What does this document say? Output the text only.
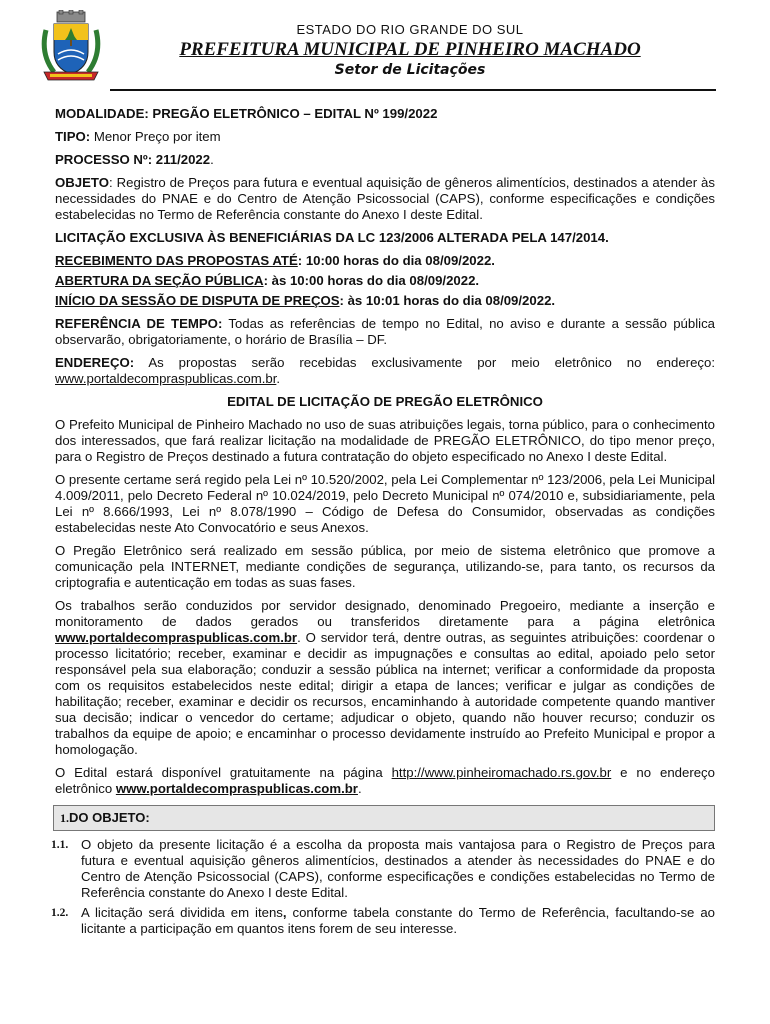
ESTADO DO RIO GRANDE DO SUL
PREFEITURA MUNICIPAL DE PINHEIRO MACHADO
Setor de Licitações

MODALIDADE: PREGÃO ELETRÔNICO – EDITAL Nº 199/2022

TIPO: Menor Preço por item

PROCESSO Nº: 211/2022.

OBJETO: Registro de Preços para futura e eventual aquisição de gêneros alimentícios, destinados a atender às necessidades do PNAE e do Centro de Atenção Psicossocial (CAPS), conforme especificações e condições estabelecidas no Termo de Referência constante do Anexo I deste Edital.

LICITAÇÃO EXCLUSIVA ÀS BENEFICIÁRIAS DA LC 123/2006 ALTERADA PELA 147/2014.

RECEBIMENTO DAS PROPOSTAS ATÉ: 10:00 horas do dia 08/09/2022.

ABERTURA DA SEÇÃO PÚBLICA: às 10:00 horas do dia 08/09/2022.

INÍCIO DA SESSÃO DE DISPUTA DE PREÇOS: às 10:01 horas do dia 08/09/2022.

REFERÊNCIA DE TEMPO: Todas as referências de tempo no Edital, no aviso e durante a sessão pública observarão, obrigatoriamente, o horário de Brasília – DF.

ENDEREÇO: As propostas serão recebidas exclusivamente por meio eletrônico no endereço: www.portaldecompraspublicas.com.br.

EDITAL DE LICITAÇÃO DE PREGÃO ELETRÔNICO

O Prefeito Municipal de Pinheiro Machado no uso de suas atribuições legais, torna público, para o conhecimento dos interessados, que fará realizar licitação na modalidade de PREGÃO ELETRÔNICO, do tipo menor preço, para o Registro de Preços destinado a futura contratação do objeto especificado no Anexo I deste Edital.

O presente certame será regido pela Lei nº 10.520/2002, pela Lei Complementar nº 123/2006, pela Lei Municipal 4.009/2011, pelo Decreto Federal nº 10.024/2019, pelo Decreto Municipal nº 074/2010 e, subsidiariamente, pela Lei nº 8.666/1993, Lei nº 8.078/1990 – Código de Defesa do Consumidor, observadas as condições estabelecidas neste Ato Convocatório e seus Anexos.

O Pregão Eletrônico será realizado em sessão pública, por meio de sistema eletrônico que promove a comunicação pela INTERNET, mediante condições de segurança, utilizando-se, para tanto, os recursos da criptografia e autenticação em todas as suas fases.

Os trabalhos serão conduzidos por servidor designado, denominado Pregoeiro, mediante a inserção e monitoramento de dados gerados ou transferidos diretamente para a página eletrônica www.portaldecompraspublicas.com.br. O servidor terá, dentre outras, as seguintes atribuições: coordenar o processo licitatório; receber, examinar e decidir as impugnações e consultas ao edital, apoiado pelo setor responsável pela sua elaboração; conduzir a sessão pública na internet; verificar a conformidade da proposta com os requisitos estabelecidos neste edital; dirigir a etapa de lances; verificar e julgar as condições de habilitação; receber, examinar e decidir os recursos, encaminhando à autoridade competente quando mantiver sua decisão; indicar o vencedor do certame; adjudicar o objeto, quando não houver recurso; conduzir os trabalhos da equipe de apoio; e encaminhar o processo devidamente instruído ao Prefeito Municipal e propor a homologação.

O Edital estará disponível gratuitamente na página http://www.pinheiromachado.rs.gov.br e no endereço eletrônico www.portaldecompraspublicas.com.br.

1.DO OBJETO:
1.1. O objeto da presente licitação é a escolha da proposta mais vantajosa para o Registro de Preços para futura e eventual aquisição gêneros alimentícios, destinados a atender às necessidades do PNAE e do Centro de Atenção Psicossocial (CAPS), conforme especificações e condições estabelecidas no Termo de Referência constante do Anexo I deste Edital.
1.2. A licitação será dividida em itens, conforme tabela constante do Termo de Referência, facultando-se ao licitante a participação em quantos itens forem de seu interesse.
